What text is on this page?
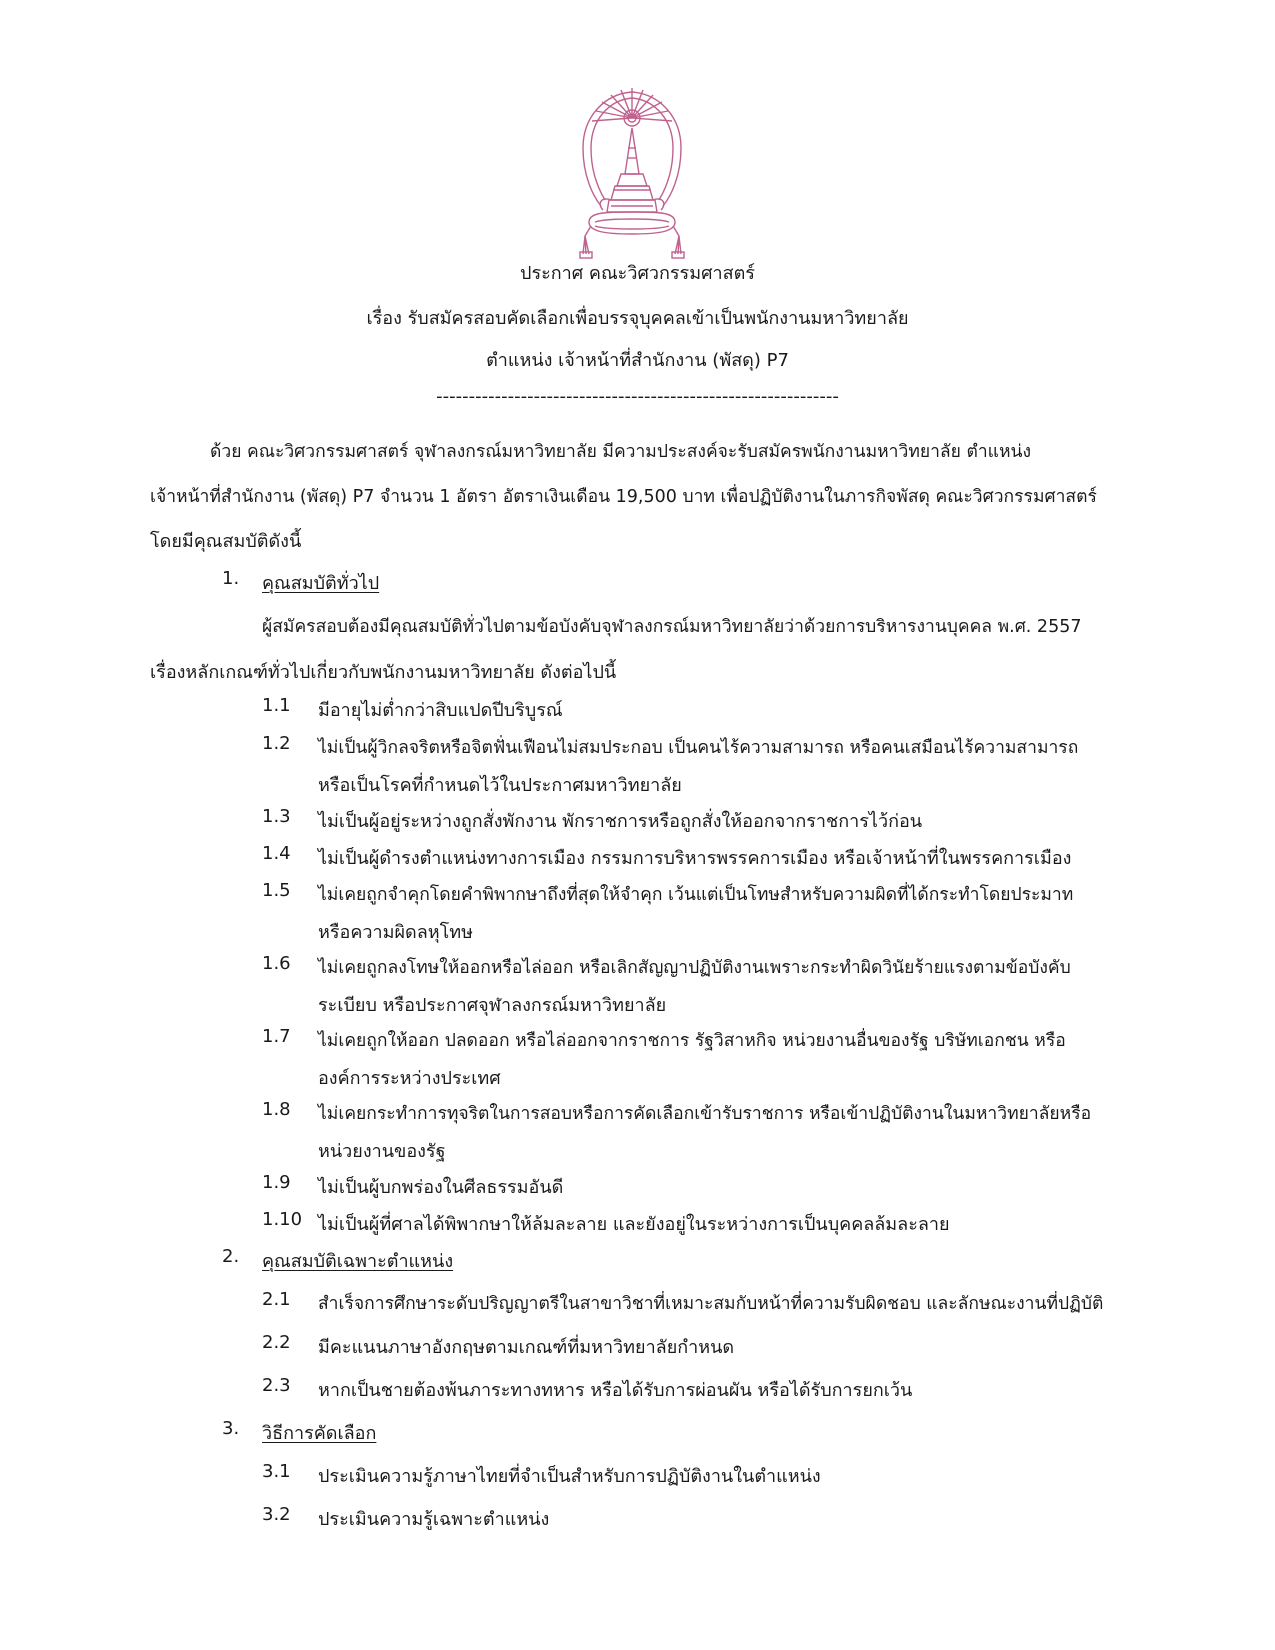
ประกาศ คณะวิศวกรรมศาสตร์
เรื่อง รับสมัครสอบคัดเลือกเพื่อบรรจุบุคคลเข้าเป็นพนักงานมหาวิทยาลัย
ตำแหน่ง เจ้าหน้าที่สำนักงาน (พัสดุ) P7
--------------------------------------------------------------
ด้วย คณะวิศวกรรมศาสตร์ จุฬาลงกรณ์มหาวิทยาลัย มีความประสงค์จะรับสมัครพนักงานมหาวิทยาลัย ตำแหน่ง
เจ้าหน้าที่สำนักงาน (พัสดุ) P7 จำนวน 1 อัตรา อัตราเงินเดือน 19,500 บาท เพื่อปฏิบัติงานในภารกิจพัสดุ คณะวิศวกรรมศาสตร์
โดยมีคุณสมบัติดังนี้
1. คุณสมบัติทั่วไป
ผู้สมัครสอบต้องมีคุณสมบัติทั่วไปตามข้อบังคับจุฬาลงกรณ์มหาวิทยาลัยว่าด้วยการบริหารงานบุคคล พ.ศ. 2557
เรื่องหลักเกณฑ์ทั่วไปเกี่ยวกับพนักงานมหาวิทยาลัย ดังต่อไปนี้
1.1 มีอายุไม่ต่ำกว่าสิบแปดปีบริบูรณ์
1.2 ไม่เป็นผู้วิกลจริตหรือจิตฟั่นเฟือนไม่สมประกอบ เป็นคนไร้ความสามารถ หรือคนเสมือนไร้ความสามารถ
หรือเป็นโรคที่กำหนดไว้ในประกาศมหาวิทยาลัย
1.3 ไม่เป็นผู้อยู่ระหว่างถูกสั่งพักงาน พักราชการหรือถูกสั่งให้ออกจากราชการไว้ก่อน
1.4 ไม่เป็นผู้ดำรงตำแหน่งทางการเมือง กรรมการบริหารพรรคการเมือง หรือเจ้าหน้าที่ในพรรคการเมือง
1.5 ไม่เคยถูกจำคุกโดยคำพิพากษาถึงที่สุดให้จำคุก เว้นแต่เป็นโทษสำหรับความผิดที่ได้กระทำโดยประมาท
หรือความผิดลหุโทษ
1.6 ไม่เคยถูกลงโทษให้ออกหรือไล่ออก หรือเลิกสัญญาปฏิบัติงานเพราะกระทำผิดวินัยร้ายแรงตามข้อบังคับ
ระเบียบ หรือประกาศจุฬาลงกรณ์มหาวิทยาลัย
1.7 ไม่เคยถูกให้ออก ปลดออก หรือไล่ออกจากราชการ รัฐวิสาหกิจ หน่วยงานอื่นของรัฐ บริษัทเอกชน หรือ
องค์การระหว่างประเทศ
1.8 ไม่เคยกระทำการทุจริตในการสอบหรือการคัดเลือกเข้ารับราชการ หรือเข้าปฏิบัติงานในมหาวิทยาลัยหรือ
หน่วยงานของรัฐ
1.9 ไม่เป็นผู้บกพร่องในศีลธรรมอันดี
1.10 ไม่เป็นผู้ที่ศาลได้พิพากษาให้ล้มละลาย และยังอยู่ในระหว่างการเป็นบุคคลล้มละลาย
2. คุณสมบัติเฉพาะตำแหน่ง
2.1 สำเร็จการศึกษาระดับปริญญาตรีในสาขาวิชาที่เหมาะสมกับหน้าที่ความรับผิดชอบ และลักษณะงานที่ปฏิบัติ
2.2 มีคะแนนภาษาอังกฤษตามเกณฑ์ที่มหาวิทยาลัยกำหนด
2.3 หากเป็นชายต้องพ้นภาระทางทหาร หรือได้รับการผ่อนผัน หรือได้รับการยกเว้น
3. วิธีการคัดเลือก
3.1 ประเมินความรู้ภาษาไทยที่จำเป็นสำหรับการปฏิบัติงานในตำแหน่ง
3.2 ประเมินความรู้เฉพาะตำแหน่ง
